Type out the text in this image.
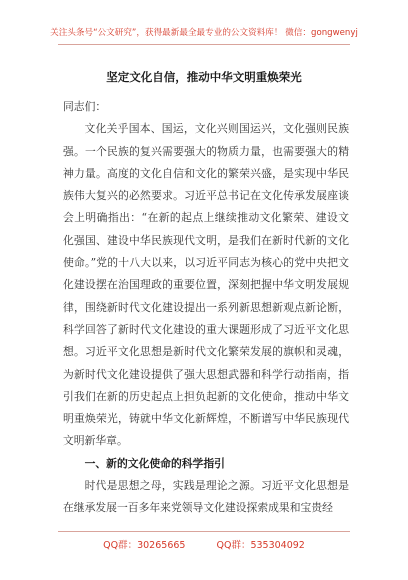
关注头条号“公文研究”，获得最新最全最专业的公文资料库！ 微信：gongwenyj
坚定文化自信，推动中华文明重焕荣光

同志们：

文化关乎国本、国运，文化兴则国运兴，文化强则民族强。一个民族的复兴需要强大的物质力量，也需要强大的精神力量。高度的文化自信和文化的繁荣兴盛，是实现中华民族伟大复兴的必然要求。习近平总书记在文化传承发展座谈会上明确指出：“在新的起点上继续推动文化繁荣、建设文化强国、建设中华民族现代文明，是我们在新时代新的文化使命。”党的十八大以来，以习近平同志为核心的党中央把文化建设摆在治国理政的重要位置，深刻把握中华文明发展规律，围绕新时代文化建设提出一系列新思想新观点新论断，科学回答了新时代文化建设的重大课题形成了习近平文化思想。习近平文化思想是新时代文化繁荣发展的旗帜和灵魂，为新时代文化建设提供了强大思想武器和科学行动指南，指引我们在新的历史起点上担负起新的文化使命，推动中华文明重焕荣光，铸就中华文化新辉煌，不断谱写中华民族现代文明新华章。

一、新的文化使命的科学指引

时代是思想之母，实践是理论之源。习近平文化思想是在继承发展一百多年来党领导文化建设探索成果和宝贵经

QQ群：30265665	QQ群：535304092
